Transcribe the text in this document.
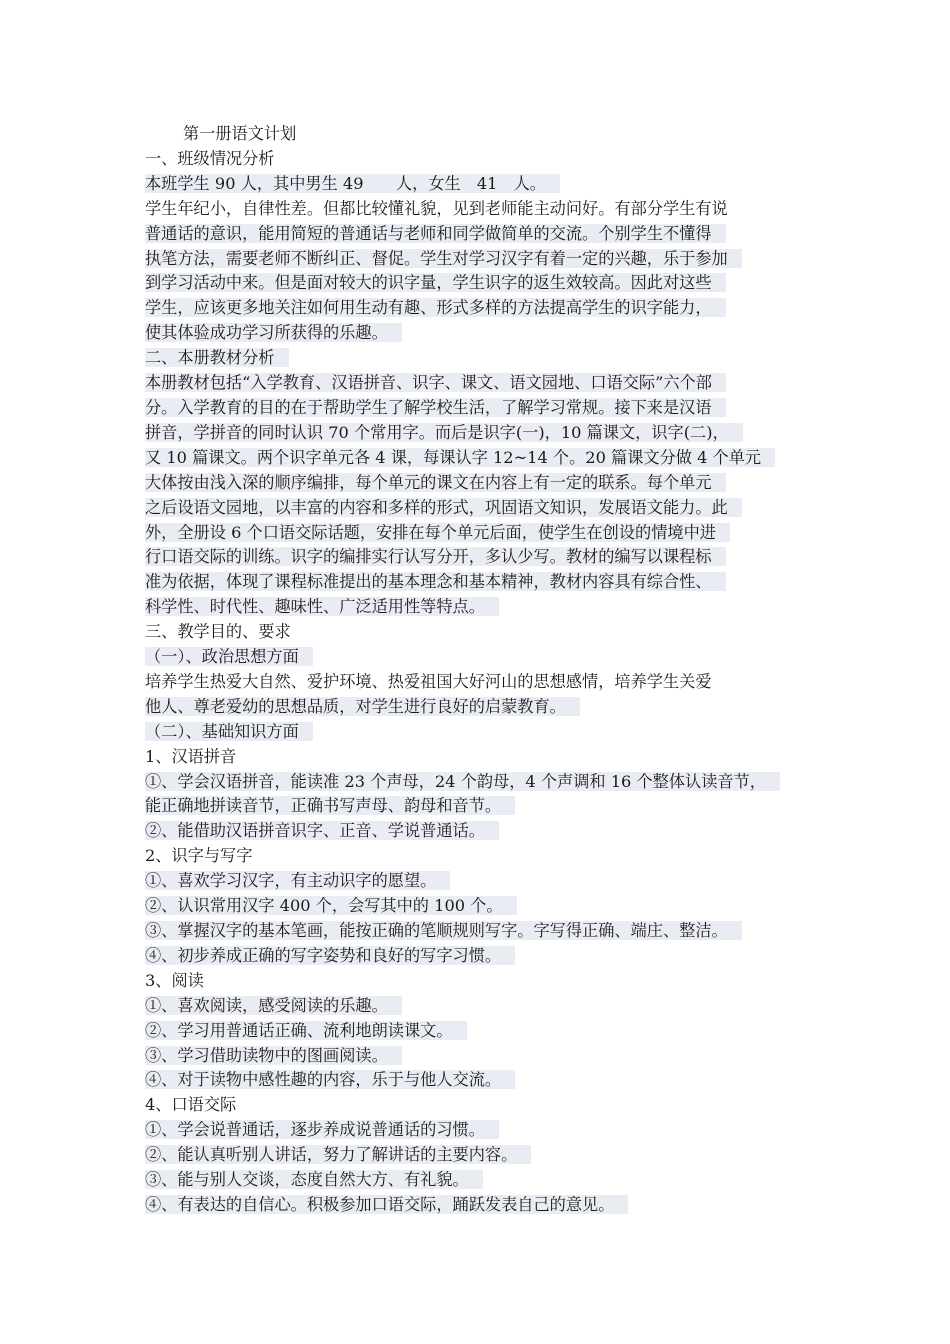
第一册语文计划
一、班级情况分析
本班学生 90 人，其中男生 49　　人，女生　41　人。
学生年纪小，自律性差。但都比较懂礼貌，见到老师能主动问好。有部分学生有说
普通话的意识，能用简短的普通话与老师和同学做简单的交流。个别学生不懂得
执笔方法，需要老师不断纠正、督促。学生对学习汉字有着一定的兴趣，乐于参加
到学习活动中来。但是面对较大的识字量，学生识字的返生效较高。因此对这些
学生，应该更多地关注如何用生动有趣、形式多样的方法提高学生的识字能力，
使其体验成功学习所获得的乐趣。
二、本册教材分析
本册教材包括“入学教育、汉语拼音、识字、课文、语文园地、口语交际”六个部
分。入学教育的目的在于帮助学生了解学校生活，了解学习常规。接下来是汉语
拼音，学拼音的同时认识 70 个常用字。而后是识字(一)，10 篇课文，识字(二)，
又 10 篇课文。两个识字单元各 4 课，每课认字 12~14 个。20 篇课文分做 4 个单元
大体按由浅入深的顺序编排，每个单元的课文在内容上有一定的联系。每个单元
之后设语文园地，以丰富的内容和多样的形式，巩固语文知识，发展语文能力。此
外，全册设 6 个口语交际话题，安排在每个单元后面，使学生在创设的情境中进
行口语交际的训练。识字的编排实行认写分开，多认少写。教材的编写以课程标
准为依据，体现了课程标准提出的基本理念和基本精神，教材内容具有综合性、
科学性、时代性、趣味性、广泛适用性等特点。
三、教学目的、要求
（一）、政治思想方面
培养学生热爱大自然、爱护环境、热爱祖国大好河山的思想感情，培养学生关爱
他人、尊老爱幼的思想品质，对学生进行良好的启蒙教育。
（二）、基础知识方面
1、汉语拼音
①、学会汉语拼音，能读准 23 个声母，24 个韵母，4 个声调和 16 个整体认读音节，
能正确地拼读音节，正确书写声母、韵母和音节。
②、能借助汉语拼音识字、正音、学说普通话。
2、识字与写字
①、喜欢学习汉字，有主动识字的愿望。
②、认识常用汉字 400 个，会写其中的 100 个。
③、掌握汉字的基本笔画，能按正确的笔顺规则写字。字写得正确、端庄、整洁。
④、初步养成正确的写字姿势和良好的写字习惯。
3、阅读
①、喜欢阅读，感受阅读的乐趣。
②、学习用普通话正确、流利地朗读课文。
③、学习借助读物中的图画阅读。
④、对于读物中感性趣的内容，乐于与他人交流。
4、口语交际
①、学会说普通话，逐步养成说普通话的习惯。
②、能认真听别人讲话，努力了解讲话的主要内容。
③、能与别人交谈，态度自然大方、有礼貌。
④、有表达的自信心。积极参加口语交际，踊跃发表自己的意见。
